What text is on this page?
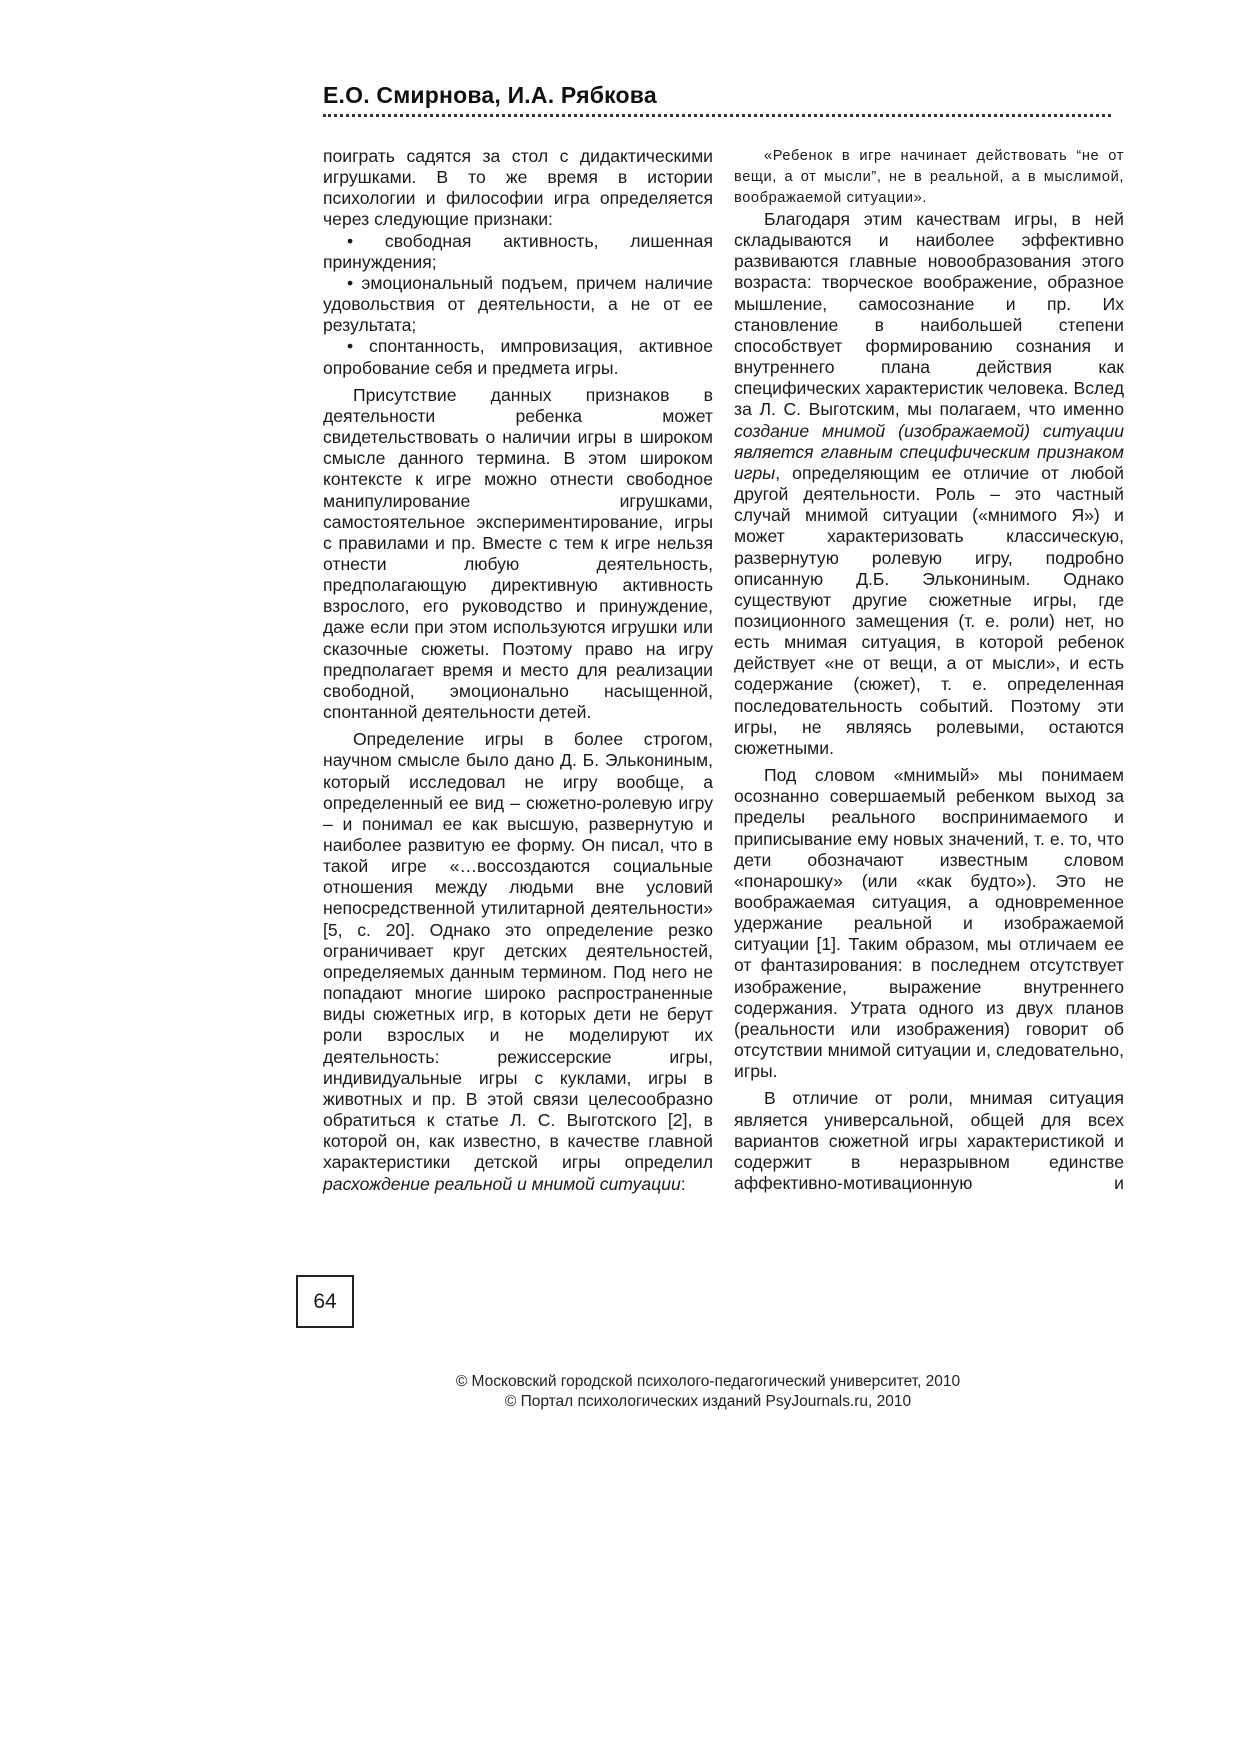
Е.О. Смирнова, И.А. Рябкова

поиграть садятся за стол с дидактическими игрушками. В то же время в истории психологии и философии игра определяется через следующие признаки:

• свободная активность, лишенная принуждения;

• эмоциональный подъем, причем наличие удовольствия от деятельности, а не от ее результата;

• спонтанность, импровизация, активное опробование себя и предмета игры.

Присутствие данных признаков в деятельности ребенка может свидетельствовать о наличии игры в широком смысле данного термина. В этом широком контексте к игре можно отнести свободное манипулирование игрушками, самостоятельное экспериментирование, игры с правилами и пр. Вместе с тем к игре нельзя отнести любую деятельность, предполагающую директивную активность взрослого, его руководство и принуждение, даже если при этом используются игрушки или сказочные сюжеты. Поэтому право на игру предполагает время и место для реализации свободной, эмоционально насыщенной, спонтанной деятельности детей.

Определение игры в более строгом, научном смысле было дано Д. Б. Элькониным, который исследовал не игру вообще, а определенный ее вид – сюжетно-ролевую игру – и понимал ее как высшую, развернутую и наиболее развитую ее форму. Он писал, что в такой игре «…воссоздаются социальные отношения между людьми вне условий непосредственной утилитарной деятельности» [5, с. 20]. Однако это определение резко ограничивает круг детских деятельностей, определяемых данным термином. Под него не попадают многие широко распространенные виды сюжетных игр, в которых дети не берут роли взрослых и не моделируют их деятельность: режиссерские игры, индивидуальные игры с куклами, игры в животных и пр. В этой связи целесообразно обратиться к статье Л. С. Выготского [2], в которой он, как известно, в качестве главной характеристики детской игры определил расхождение реальной и мнимой ситуации:

«Ребенок в игре начинает действовать “не от вещи, а от мысли”, не в реальной, а в мыслимой, воображаемой ситуации».

Благодаря этим качествам игры, в ней складываются и наиболее эффективно развиваются главные новообразования этого возраста: творческое воображение, образное мышление, самосознание и пр. Их становление в наибольшей степени способствует формированию сознания и внутреннего плана действия как специфических характеристик человека. Вслед за Л. С. Выготским, мы полагаем, что именно создание мнимой (изображаемой) ситуации является главным специфическим признаком игры, определяющим ее отличие от любой другой деятельности. Роль – это частный случай мнимой ситуации («мнимого Я») и может характеризовать классическую, развернутую ролевую игру, подробно описанную Д.Б. Элькониным. Однако существуют другие сюжетные игры, где позиционного замещения (т. е. роли) нет, но есть мнимая ситуация, в которой ребенок действует «не от вещи, а от мысли», и есть содержание (сюжет), т. е. определенная последовательность событий. Поэтому эти игры, не являясь ролевыми, остаются сюжетными.

Под словом «мнимый» мы понимаем осознанно совершаемый ребенком выход за пределы реального воспринимаемого и приписывание ему новых значений, т. е. то, что дети обозначают известным словом «понарошку» (или «как будто»). Это не воображаемая ситуация, а одновременное удержание реальной и изображаемой ситуации [1]. Таким образом, мы отличаем ее от фантазирования: в последнем отсутствует изображение, выражение внутреннего содержания. Утрата одного из двух планов (реальности или изображения) говорит об отсутствии мнимой ситуации и, следовательно, игры.

В отличие от роли, мнимая ситуация является универсальной, общей для всех вариантов сюжетной игры характеристикой и содержит в неразрывном единстве аффективно-мотивационную и

64
© Московский городской психолого-педагогический университет, 2010
© Портал психологических изданий PsyJournals.ru, 2010
